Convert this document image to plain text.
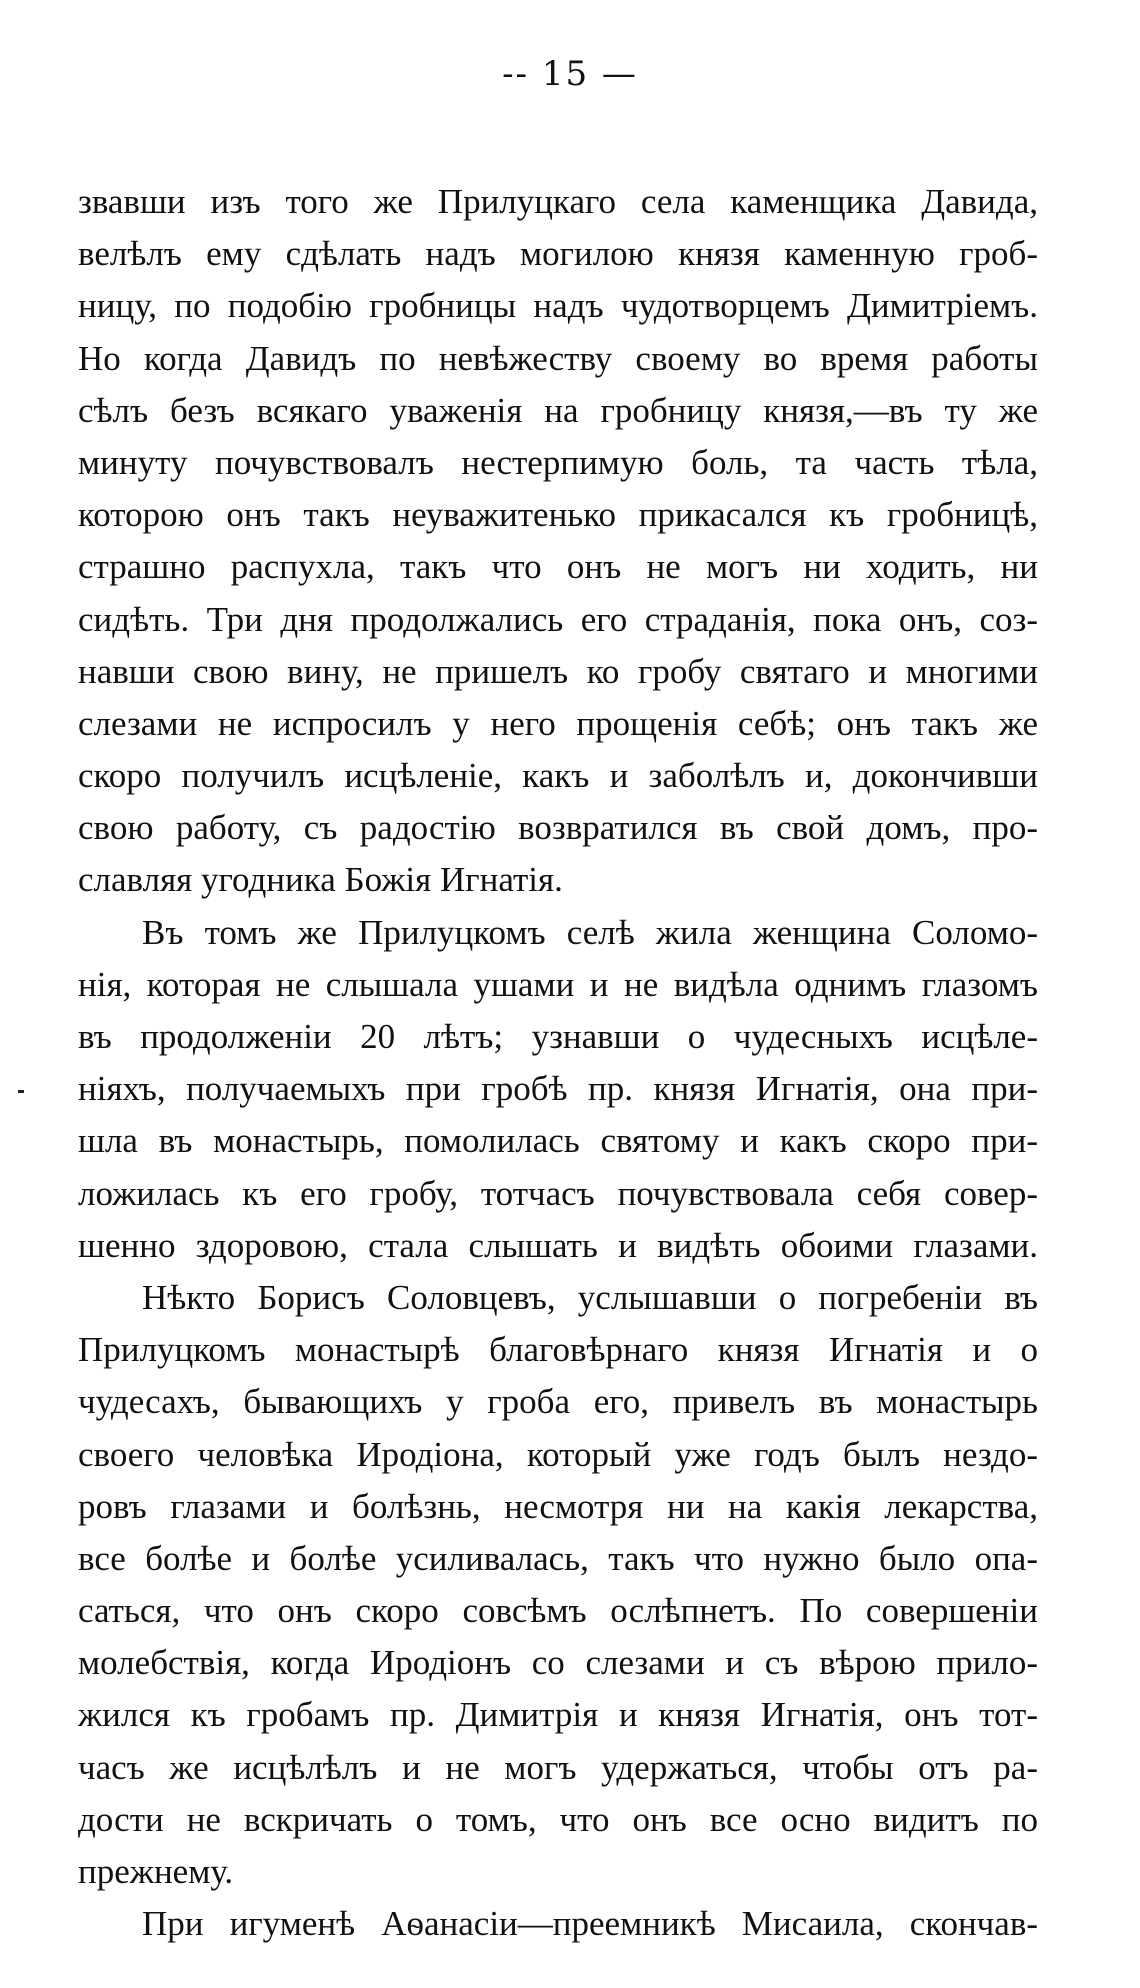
-- 15 —
звавши изъ того же Прилуцкаго села каменщика Давида,
велѣлъ ему сдѣлать надъ могилою князя каменную гроб-
ницу, по подобію гробницы надъ чудотворцемъ Димитріемъ.
Но когда Давидъ по невѣжеству своему во время работы
сѣлъ безъ всякаго уваженія на гробницу князя,—въ ту же
минуту почувствовалъ нестерпимую боль, та часть тѣла,
которою онъ такъ неуважитенько прикасался къ гробницѣ,
страшно распухла, такъ что онъ не могъ ни ходить, ни
сидѣть. Три дня продолжались его страданія, пока онъ, соз-
навши свою вину, не пришелъ ко гробу святаго и многими
слезами не испросилъ у него прощенія себѣ; онъ такъ же
скоро получилъ исцѣленіе, какъ и заболѣлъ и, докончивши
свою работу, съ радостію возвратился въ свой домъ, про-
славляя угодника Божія Игнатія.
Въ томъ же Прилуцкомъ селѣ жила женщина Соломо-
нія, которая не слышала ушами и не видѣла однимъ глазомъ
въ продолженіи 20 лѣтъ; узнавши о чудесныхъ исцѣле-
ніяхъ, получаемыхъ при гробѣ пр. князя Игнатія, она при-
шла въ монастырь, помолилась святому и какъ скоро при-
ложилась къ его гробу, тотчасъ почувствовала себя совер-
шенно здоровою, стала слышать и видѣть обоими глазами.
Нѣкто Борисъ Соловцевъ, услышавши о погребеніи въ
Прилуцкомъ монастырѣ благовѣрнаго князя Игнатія и о
чудесахъ, бывающихъ у гроба его, привелъ въ монастырь
своего человѣка Иродіона, который уже годъ былъ нездо-
ровъ глазами и болѣзнь, несмотря ни на какія лекарства,
все болѣе и болѣе усиливалась, такъ что нужно было опа-
саться, что онъ скоро совсѣмъ ослѣпнетъ. По совершеніи
молебствія, когда Иродіонъ со слезами и съ вѣрою прило-
жился къ гробамъ пр. Димитрія и князя Игнатія, онъ тот-
часъ же исцѣлѣлъ и не могъ удержаться, чтобы отъ ра-
дости не вскричать о томъ, что онъ все осно видитъ по
прежнему.
При игуменѣ Аѳанасіи—преемникѣ Мисаила, скончав-
